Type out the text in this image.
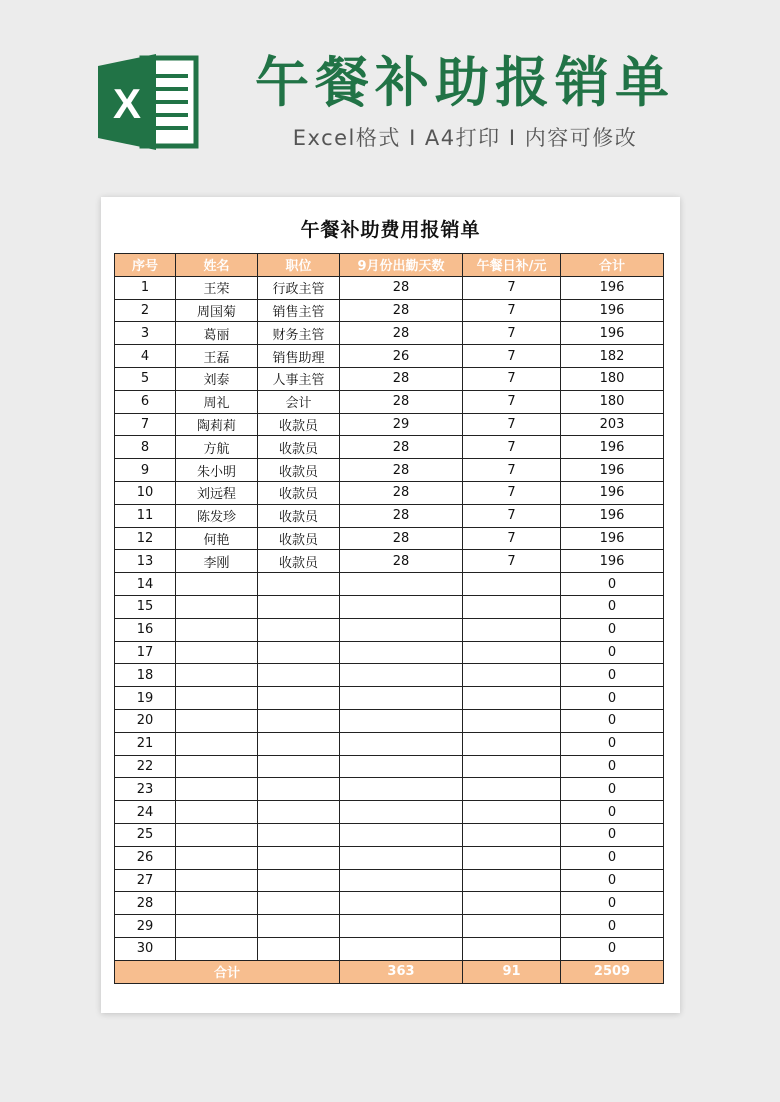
X 午餐补助报销单
Excel格式 I A4打印 I 内容可修改
午餐补助费用报销单
序号	姓名	职位	9月份出勤天数	午餐日补/元	合计
1	王荣	行政主管	28	7	196
2	周国菊	销售主管	28	7	196
3	葛丽	财务主管	28	7	196
4	王磊	销售助理	26	7	182
5	刘泰	人事主管	28	7	180
6	周礼	会计	28	7	180
7	陶莉莉	收款员	29	7	203
8	方航	收款员	28	7	196
9	朱小明	收款员	28	7	196
10	刘远程	收款员	28	7	196
11	陈发珍	收款员	28	7	196
12	何艳	收款员	28	7	196
13	李刚	收款员	28	7	196
14					0
15					0
16					0
17					0
18					0
19					0
20					0
21					0
22					0
23					0
24					0
25					0
26					0
27					0
28					0
29					0
30					0
合计			363	91	2509
